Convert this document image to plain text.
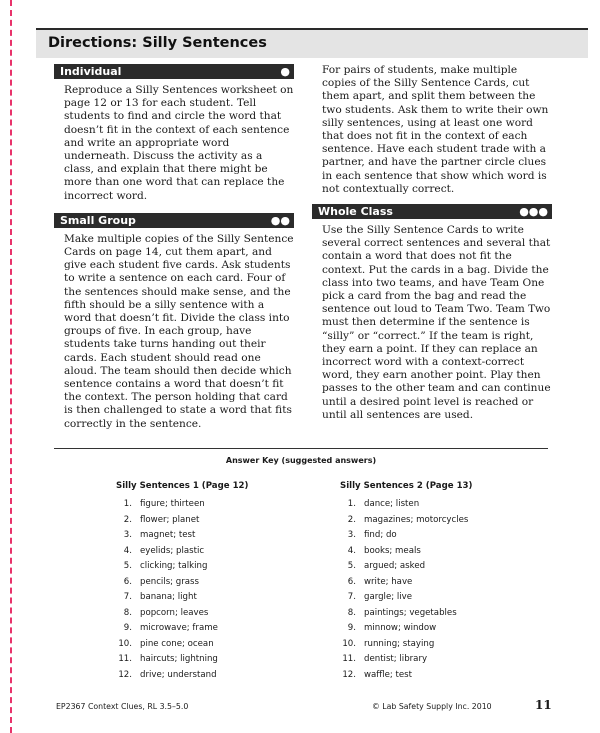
Directions: Silly Sentences
Individual	●

Reproduce a Silly Sentences worksheet on page 12 or 13 for each student. Tell students to find and circle the word that doesn’t fit in the context of each sentence and write an appropriate word underneath. Discuss the activity as a class, and explain that there might be more than one word that can replace the incorrect word.

Small Group	●●

Make multiple copies of the Silly Sentence Cards on page 14, cut them apart, and give each student five cards. Ask students to write a sentence on each card. Four of the sentences should make sense, and the fifth should be a silly sentence with a word that doesn’t fit. Divide the class into groups of five. In each group, have students take turns handing out their cards. Each student should read one aloud. The team should then decide which sentence contains a word that doesn’t fit the context. The person holding that card is then challenged to state a word that fits correctly in the sentence.

For pairs of students, make multiple copies of the Silly Sentence Cards, cut them apart, and split them between the two students. Ask them to write their own silly sentences, using at least one word that does not fit in the context of each sentence. Have each student trade with a partner, and have the partner circle clues in each sentence that show which word is not contextually correct.

Whole Class	●●●

Use the Silly Sentence Cards to write several correct sentences and several that contain a word that does not fit the context. Put the cards in a bag. Divide the class into two teams, and have Team One pick a card from the bag and read the sentence out loud to Team Two. Team Two must then determine if the sentence is “silly” or “correct.” If the team is right, they earn a point. If they can replace an incorrect word with a context-correct word, they earn another point. Play then passes to the other team and can continue until a desired point level is reached or until all sentences are used.

Answer Key (suggested answers)
Silly Sentences 1 (Page 12)
1. figure; thirteen
2. flower; planet
3. magnet; test
4. eyelids; plastic
5. clicking; talking
6. pencils; grass
7. banana; light
8. popcorn; leaves
9. microwave; frame
10. pine cone; ocean
11. haircuts; lightning
12. drive; understand
Silly Sentences 2 (Page 13)
1. dance; listen
2. magazines; motorcycles
3. find; do
4. books; meals
5. argued; asked
6. write; have
7. gargle; live
8. paintings; vegetables
9. minnow; window
10. running; staying
11. dentist; library
12. waffle; test
EP2367 Context Clues, RL 3.5–5.0	© Lab Safety Supply Inc. 2010	11
